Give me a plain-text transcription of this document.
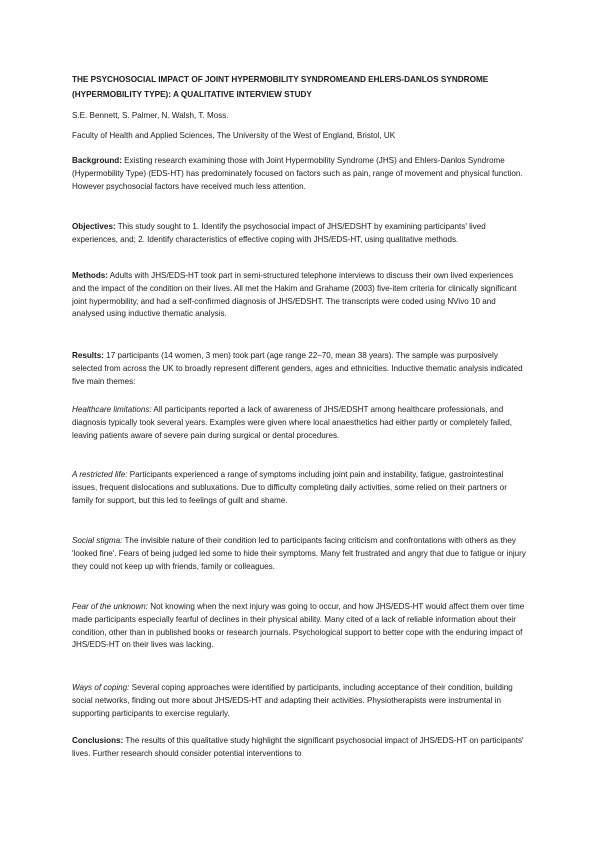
THE PSYCHOSOCIAL IMPACT OF JOINT HYPERMOBILITY SYNDROMEAND EHLERS-DANLOS SYNDROME (HYPERMOBILITY TYPE): A QUALITATIVE INTERVIEW STUDY

S.E. Bennett, S. Palmer, N. Walsh, T. Moss.

Faculty of Health and Applied Sciences, The University of the West of England, Bristol, UK

Background: Existing research examining those with Joint Hypermobility Syndrome (JHS) and Ehlers-Danlos Syndrome (Hypermobility Type) (EDS-HT) has predominately focused on factors such as pain, range of movement and physical function. However psychosocial factors have received much less attention.

Objectives: This study sought to 1. Identify the psychosocial impact of JHS/EDSHT by examining participants' lived experiences, and; 2. Identify characteristics of effective coping with JHS/EDS-HT, using qualitative methods.

Methods: Adults with JHS/EDS-HT took part in semi-structured telephone interviews to discuss their own lived experiences and the impact of the condition on their lives. All met the Hakim and Grahame (2003) five-item criteria for clinically significant joint hypermobility, and had a self-confirmed diagnosis of JHS/EDSHT. The transcripts were coded using NVivo 10 and analysed using inductive thematic analysis.

Results: 17 participants (14 women, 3 men) took part (age range 22–70, mean 38 years). The sample was purposively selected from across the UK to broadly represent different genders, ages and ethnicities. Inductive thematic analysis indicated five main themes:

Healthcare limitations: All participants reported a lack of awareness of JHS/EDSHT among healthcare professionals, and diagnosis typically took several years. Examples were given where local anaesthetics had either partly or completely failed, leaving patients aware of severe pain during surgical or dental procedures.

A restricted life: Participants experienced a range of symptoms including joint pain and instability, fatigue, gastrointestinal issues, frequent dislocations and subluxations. Due to difficulty completing daily activities, some relied on their partners or family for support, but this led to feelings of guilt and shame.

Social stigma: The invisible nature of their condition led to participants facing criticism and confrontations with others as they 'looked fine'. Fears of being judged led some to hide their symptoms. Many felt frustrated and angry that due to fatigue or injury they could not keep up with friends, family or colleagues.

Fear of the unknown: Not knowing when the next injury was going to occur, and how JHS/EDS-HT would affect them over time made participants especially fearful of declines in their physical ability. Many cited of a lack of reliable information about their condition, other than in published books or research journals. Psychological support to better cope with the enduring impact of JHS/EDS-HT on their lives was lacking.

Ways of coping: Several coping approaches were identified by participants, including acceptance of their condition, building social networks, finding out more about JHS/EDS-HT and adapting their activities. Physiotherapists were instrumental in supporting participants to exercise regularly.

Conclusions: The results of this qualitative study highlight the significant psychosocial impact of JHS/EDS-HT on participants' lives. Further research should consider potential interventions to
